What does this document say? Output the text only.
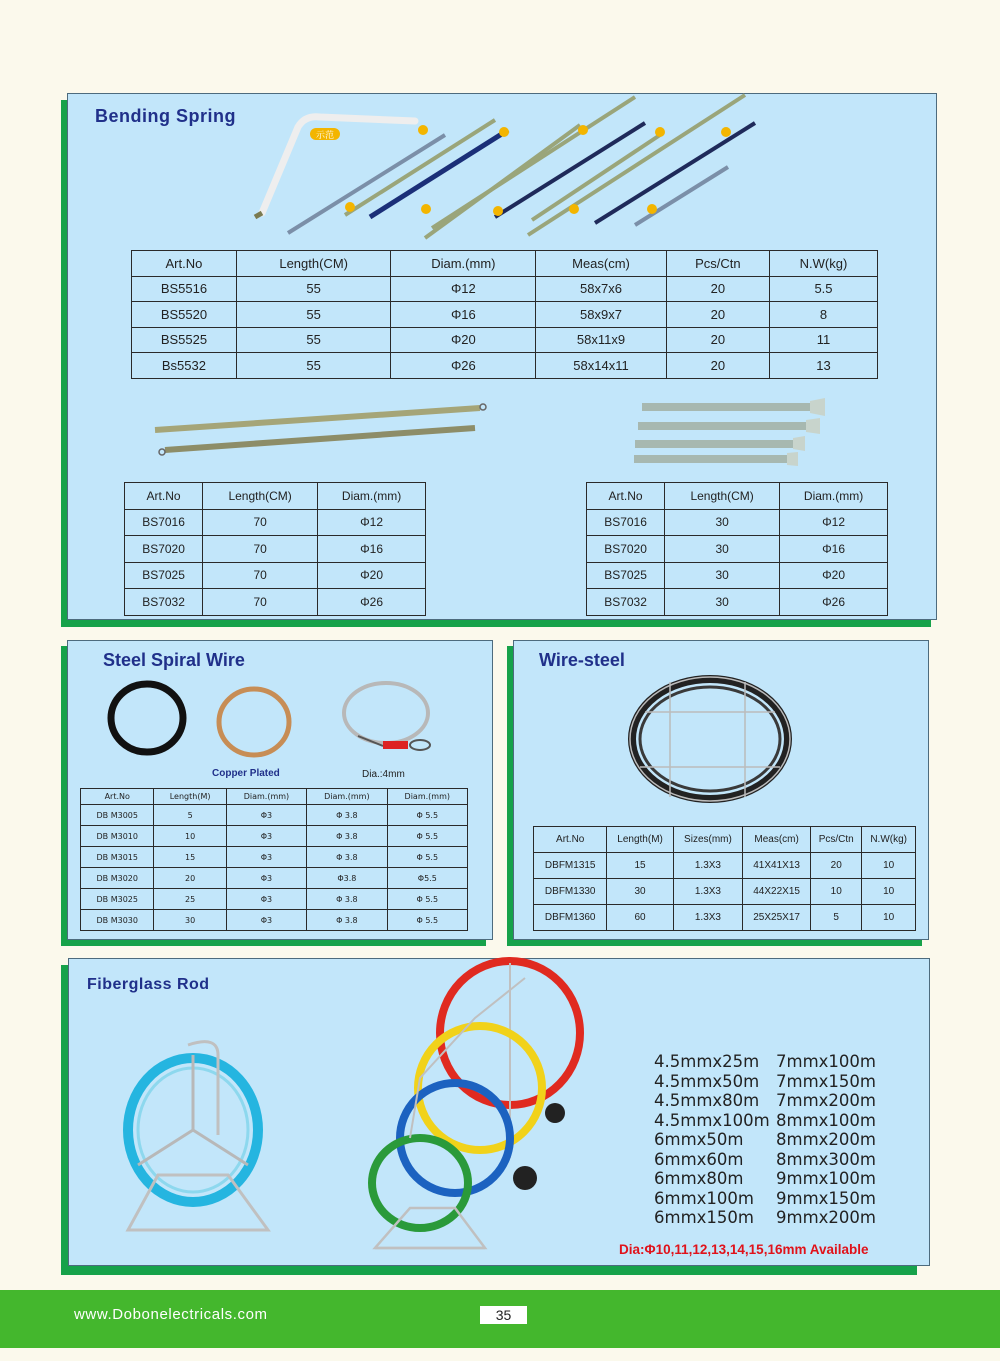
Bending Spring
示范
Art.No	Length(CM)	Diam.(mm)	Meas(cm)	Pcs/Ctn	N.W(kg)
BS5516	55	Φ12	58x7x6	20	5.5
BS5520	55	Φ16	58x9x7	20	8
BS5525	55	Φ20	58x11x9	20	11
Bs5532	55	Φ26	58x14x11	20	13
Art.No	Length(CM)	Diam.(mm)
BS7016	70	Φ12
BS7020	70	Φ16
BS7025	70	Φ20
BS7032	70	Φ26
Art.No	Length(CM)	Diam.(mm)
BS7016	30	Φ12
BS7020	30	Φ16
BS7025	30	Φ20
BS7032	30	Φ26
Steel Spiral Wire
Copper Plated	Dia.:4mm
Art.No	Length(M)	Diam.(mm)	Diam.(mm)	Diam.(mm)
DB M3005	5	Φ3	Φ 3.8	Φ 5.5
DB M3010	10	Φ3	Φ 3.8	Φ 5.5
DB M3015	15	Φ3	Φ 3.8	Φ 5.5
DB M3020	20	Φ3	Φ3.8	Φ5.5
DB M3025	25	Φ3	Φ 3.8	Φ 5.5
DB M3030	30	Φ3	Φ 3.8	Φ 5.5
Wire-steel
Art.No	Length(M)	Sizes(mm)	Meas(cm)	Pcs/Ctn	N.W(kg)
DBFM1315	15	1.3X3	41X41X13	20	10
DBFM1330	30	1.3X3	44X22X15	10	10
DBFM1360	60	1.3X3	25X25X17	5	10
Fiberglass Rod
4.5mmx25m	7mmx100m
4.5mmx50m	7mmx150m
4.5mmx80m	7mmx200m
4.5mmx100m 8mmx100m
6mmx50m	8mmx200m
6mmx60m	8mmx300m
6mmx80m	9mmx100m
6mmx100m	9mmx150m
6mmx150m	9mmx200m
Dia:Φ10,11,12,13,14,15,16mm Available
www.Dobonelectricals.com	35
